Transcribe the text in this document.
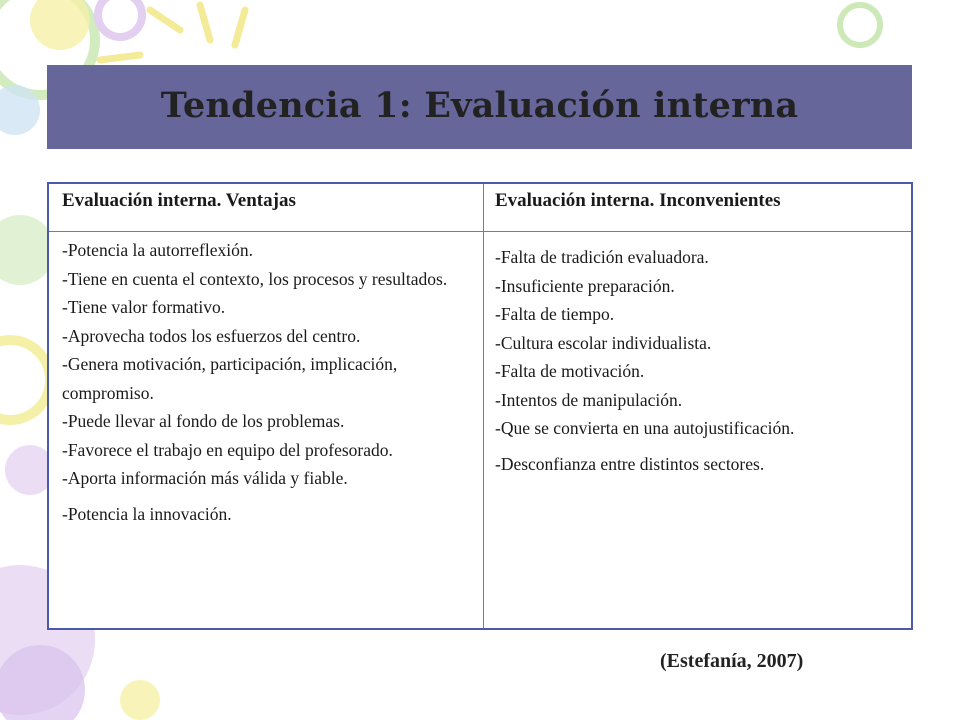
Tendencia 1: Evaluación interna
Evaluación interna. Ventajas	Evaluación interna. Inconvenientes
-Potencia la autorreflexión.
-Tiene en cuenta el contexto, los procesos y resultados.
-Tiene valor formativo.
-Aprovecha todos los esfuerzos del centro.
-Genera motivación, participación, implicación, compromiso.
-Puede llevar al fondo de los problemas.
-Favorece el trabajo en equipo del profesorado.
-Aporta información más válida y fiable.
-Potencia la innovación.
-Falta de tradición evaluadora.
-Insuficiente preparación.
-Falta de tiempo.
-Cultura escolar individualista.
-Falta de motivación.
-Intentos de manipulación.
-Que se convierta en una autojustificación.
-Desconfianza entre distintos sectores.
(Estefanía, 2007)
